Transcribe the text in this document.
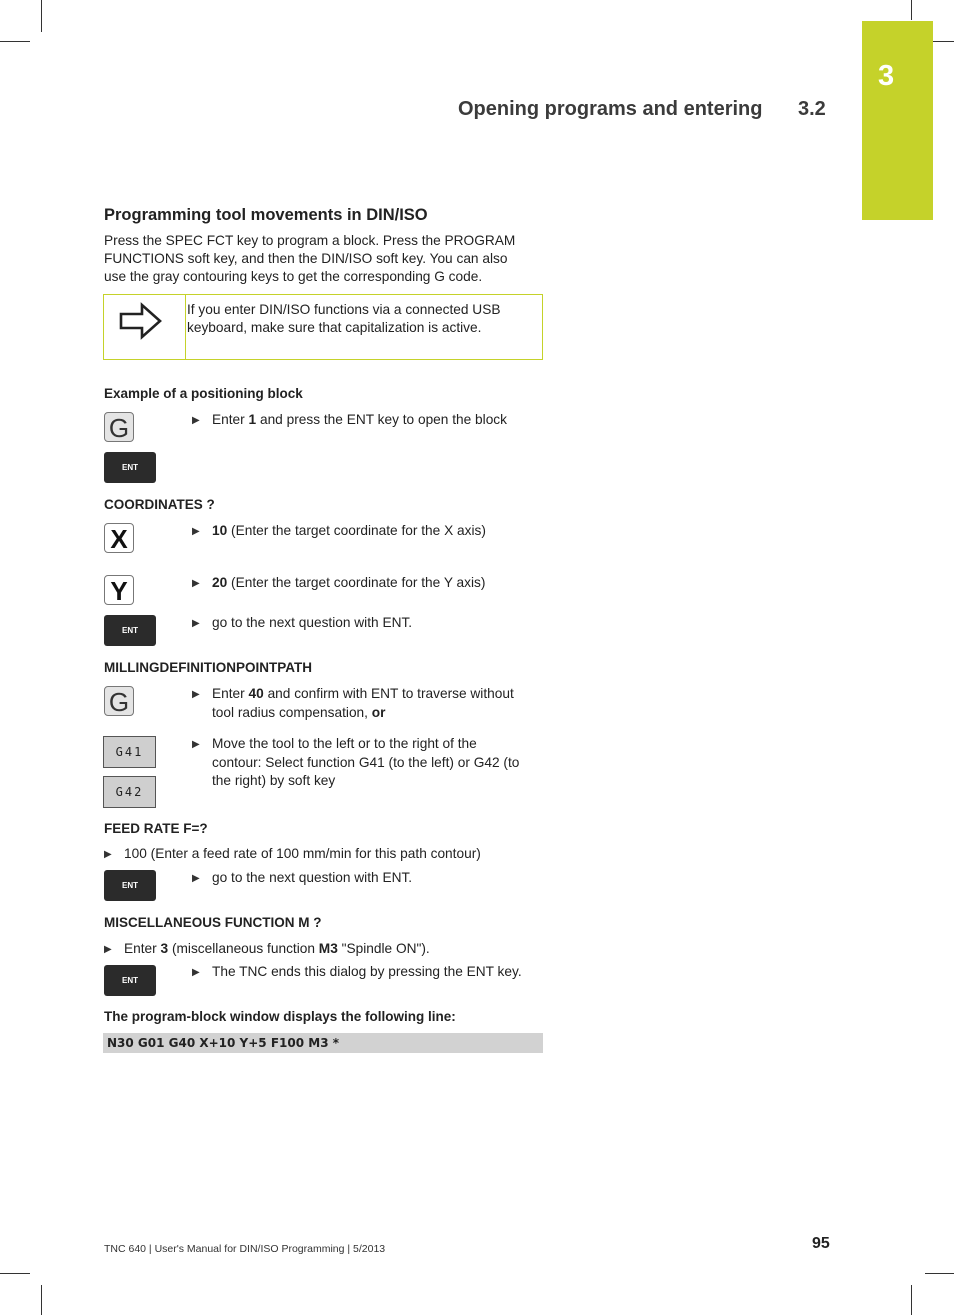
3
Opening programs and entering 3.2
Programming tool movements in DIN/ISO
Press the SPEC FCT key to program a block. Press the PROGRAM
FUNCTIONS soft key, and then the DIN/ISO soft key. You can also
use the gray contouring keys to get the corresponding G code.
If you enter DIN/ISO functions via a connected USB
keyboard, make sure that capitalization is active.
Example of a positioning block
G	▶ Enter 1 and press the ENT key to open the block
ENT
COORDINATES ?
X	▶ 10 (Enter the target coordinate for the X axis)
Y	▶ 20 (Enter the target coordinate for the Y axis)
ENT
▶ go to the next question with ENT.
MILLINGDEFINITIONPOINTPATH
G	▶ Enter 40 and confirm with ENT to traverse without
tool radius compensation, or
G41
G42
▶ Move the tool to the left or to the right of the
contour: Select function G41 (to the left) or G42 (to
the right) by soft key
FEED RATE F=?
▶ 100 (Enter a feed rate of 100 mm/min for this path contour)
ENT
▶ go to the next question with ENT.
MISCELLANEOUS FUNCTION M ?
▶ Enter 3 (miscellaneous function M3 "Spindle ON").
ENT
▶ The TNC ends this dialog by pressing the ENT key.
The program-block window displays the following line:
N30 G01 G40 X+10 Y+5 F100 M3 *
TNC 640 | User's Manual for DIN/ISO Programming | 5/2013	95
